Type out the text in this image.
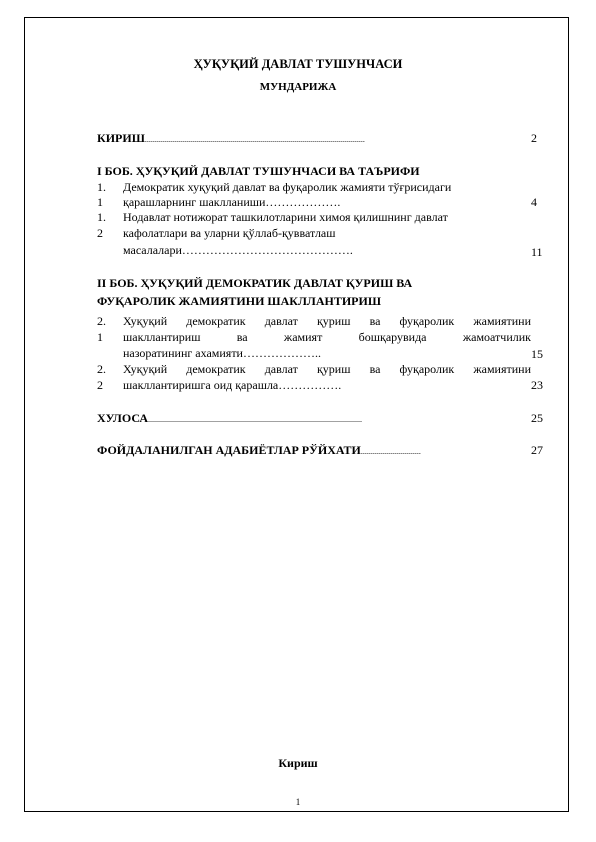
ҲУҚУҚИЙ ДАВЛАТ ТУШУНЧАСИ
МУНДАРИЖА
КИРИШ..............................................................................................................	2
I БОБ. ҲУҚУҚИЙ ДАВЛАТ ТУШУНЧАСИ ВА ТАЪРИФИ
1.
1
Демократик хуқуқий давлат ва фуқаролик жамияти тўғрисидаги
қарашларнинг шаклланиши……………….	4
1.
2
Нодавлат нотижорат ташкилотларини химоя қилишнинг давлат
кафолатлари ва уларни қўллаб-қувватлаш
масалалари…………………………………….	11
II БОБ. ҲУҚУҚИЙ ДЕМОКРАТИК ДАВЛАТ ҚУРИШ ВА
ФУҚАРОЛИК ЖАМИЯТИНИ ШАКЛЛАНТИРИШ
2.
1
Хуқуқий демократик давлат қуриш ва фуқаролик жамиятини
шакллантириш ва жамият бошқарувида жамоатчилик
назоратининг ахамияти………………..	15
2.
2
Хуқуқий демократик давлат қуриш ва фуқаролик жамиятини
шакллантиришга оид қарашла…………….	23
ХУЛОСА...........................................................................................................	25
ФОЙДАЛАНИЛГАН АДАБИЁТЛАР РЎЙХАТИ..............................	27
Кириш
1
